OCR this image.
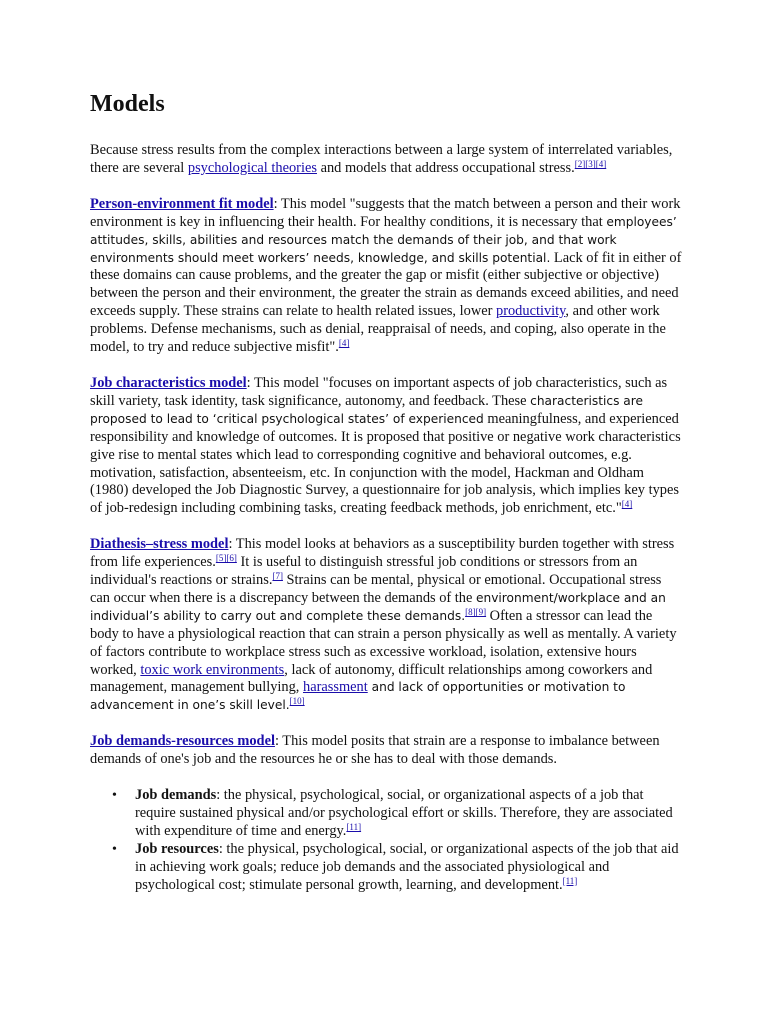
Models

Because stress results from the complex interactions between a large system of interrelated variables, there are several psychological theories and models that address occupational stress.[2][3][4]

Person-environment fit model: This model "suggests that the match between a person and their work environment is key in influencing their health. For healthy conditions, it is necessary that employees’ attitudes, skills, abilities and resources match the demands of their job, and that work environments should meet workers’ needs, knowledge, and skills potential. Lack of fit in either of these domains can cause problems, and the greater the gap or misfit (either subjective or objective) between the person and their environment, the greater the strain as demands exceed abilities, and need exceeds supply. These strains can relate to health related issues, lower productivity, and other work problems. Defense mechanisms, such as denial, reappraisal of needs, and coping, also operate in the model, to try and reduce subjective misfit".[4]

Job characteristics model: This model "focuses on important aspects of job characteristics, such as skill variety, task identity, task significance, autonomy, and feedback. These characteristics are proposed to lead to ‘critical psychological states’ of experienced meaningfulness, and experienced responsibility and knowledge of outcomes. It is proposed that positive or negative work characteristics give rise to mental states which lead to corresponding cognitive and behavioral outcomes, e.g. motivation, satisfaction, absenteeism, etc. In conjunction with the model, Hackman and Oldham (1980) developed the Job Diagnostic Survey, a questionnaire for job analysis, which implies key types of job-redesign including combining tasks, creating feedback methods, job enrichment, etc."[4]

Diathesis–stress model: This model looks at behaviors as a susceptibility burden together with stress from life experiences.[5][6] It is useful to distinguish stressful job conditions or stressors from an individual's reactions or strains.[7] Strains can be mental, physical or emotional. Occupational stress can occur when there is a discrepancy between the demands of the environment/workplace and an individual’s ability to carry out and complete these demands.[8][9] Often a stressor can lead the body to have a physiological reaction that can strain a person physically as well as mentally. A variety of factors contribute to workplace stress such as excessive workload, isolation, extensive hours worked, toxic work environments, lack of autonomy, difficult relationships among coworkers and management, management bullying, harassment and lack of opportunities or motivation to advancement in one’s skill level.[10]

Job demands-resources model: This model posits that strain are a response to imbalance between demands of one's job and the resources he or she has to deal with those demands.

• Job demands: the physical, psychological, social, or organizational aspects of a job that require sustained physical and/or psychological effort or skills. Therefore, they are associated with expenditure of time and energy.[11]
• Job resources: the physical, psychological, social, or organizational aspects of the job that aid in achieving work goals; reduce job demands and the associated physiological and psychological cost; stimulate personal growth, learning, and development.[11]
